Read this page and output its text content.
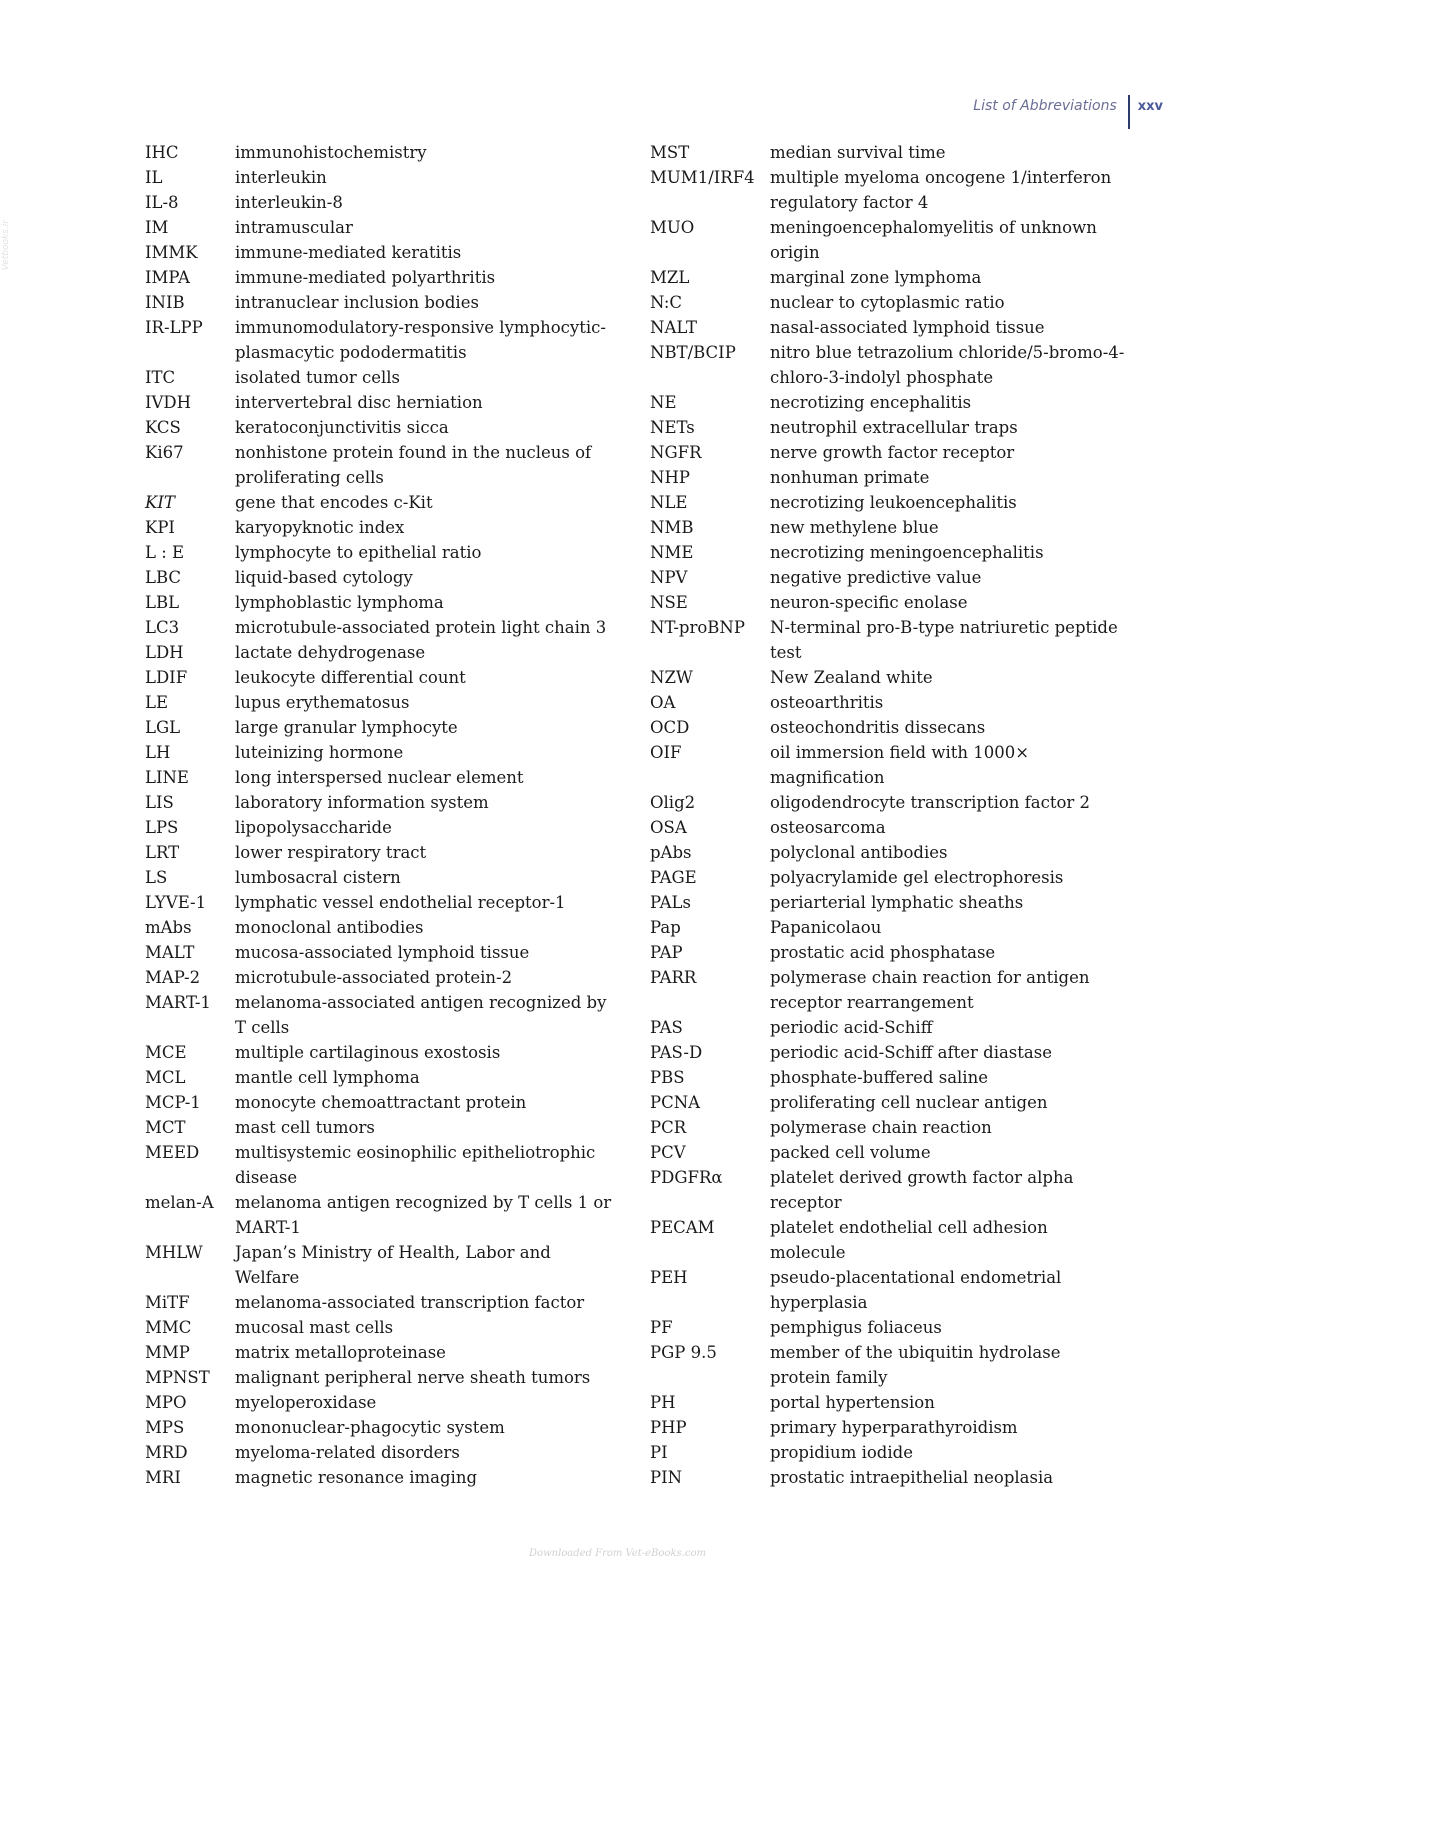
Vetbooks.ir
List of Abbreviations xxv
IHC	immunohistochemistry
IL	interleukin
IL-8	interleukin-8
IM	intramuscular
IMMK	immune-mediated keratitis
IMPA	immune-mediated polyarthritis
INIB	intranuclear inclusion bodies
IR-LPP	immunomodulatory-responsive lymphocytic-plasmacytic pododermatitis
ITC	isolated tumor cells
IVDH	intervertebral disc herniation
KCS	keratoconjunctivitis sicca
Ki67	nonhistone protein found in the nucleus of proliferating cells
KIT	gene that encodes c-Kit
KPI	karyopyknotic index
L : E	lymphocyte to epithelial ratio
LBC	liquid-based cytology
LBL	lymphoblastic lymphoma
LC3	microtubule-associated protein light chain 3
LDH	lactate dehydrogenase
LDIF	leukocyte differential count
LE	lupus erythematosus
LGL	large granular lymphocyte
LH	luteinizing hormone
LINE	long interspersed nuclear element
LIS	laboratory information system
LPS	lipopolysaccharide
LRT	lower respiratory tract
LS	lumbosacral cistern
LYVE-1	lymphatic vessel endothelial receptor-1
mAbs	monoclonal antibodies
MALT	mucosa-associated lymphoid tissue
MAP-2	microtubule-associated protein-2
MART-1	melanoma-associated antigen recognized by T cells
MCE	multiple cartilaginous exostosis
MCL	mantle cell lymphoma
MCP-1	monocyte chemoattractant protein
MCT	mast cell tumors
MEED	multisystemic eosinophilic epitheliotrophic disease
melan-A	melanoma antigen recognized by T cells 1 or MART-1
MHLW	Japan’s Ministry of Health, Labor and Welfare
MiTF	melanoma-associated transcription factor
MMC	mucosal mast cells
MMP	matrix metalloproteinase
MPNST	malignant peripheral nerve sheath tumors
MPO	myeloperoxidase
MPS	mononuclear-phagocytic system
MRD	myeloma-related disorders
MRI	magnetic resonance imaging
MST	median survival time
MUM1/IRF4 multiple myeloma oncogene 1/interferon regulatory factor 4
MUO	meningoencephalomyelitis of unknown origin
MZL	marginal zone lymphoma
N:C	nuclear to cytoplasmic ratio
NALT	nasal-associated lymphoid tissue
NBT/BCIP	nitro blue tetrazolium chloride/5-bromo-4-chloro-3-indolyl phosphate
NE	necrotizing encephalitis
NETs	neutrophil extracellular traps
NGFR	nerve growth factor receptor
NHP	nonhuman primate
NLE	necrotizing leukoencephalitis
NMB	new methylene blue
NME	necrotizing meningoencephalitis
NPV	negative predictive value
NSE	neuron-specific enolase
NT-proBNP	N-terminal pro-B-type natriuretic peptide test
NZW	New Zealand white
OA	osteoarthritis
OCD	osteochondritis dissecans
OIF	oil immersion field with 1000× magnification
Olig2	oligodendrocyte transcription factor 2
OSA	osteosarcoma
pAbs	polyclonal antibodies
PAGE	polyacrylamide gel electrophoresis
PALs	periarterial lymphatic sheaths
Pap	Papanicolaou
PAP	prostatic acid phosphatase
PARR	polymerase chain reaction for antigen receptor rearrangement
PAS	periodic acid-Schiff
PAS-D	periodic acid-Schiff after diastase
PBS	phosphate-buffered saline
PCNA	proliferating cell nuclear antigen
PCR	polymerase chain reaction
PCV	packed cell volume
PDGFRα	platelet derived growth factor alpha receptor
PECAM	platelet endothelial cell adhesion molecule
PEH	pseudo-placentational endometrial hyperplasia
PF	pemphigus foliaceus
PGP 9.5	member of the ubiquitin hydrolase protein family
PH	portal hypertension
PHP	primary hyperparathyroidism
PI	propidium iodide
PIN	prostatic intraepithelial neoplasia
Downloaded From Vet-eBooks.com
